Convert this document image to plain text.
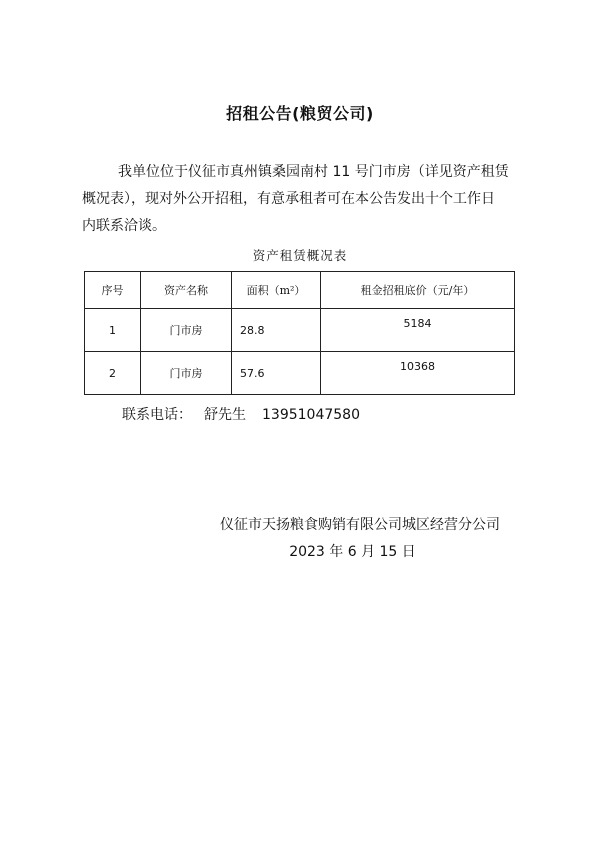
招租公告(粮贸公司)
我单位位于仪征市真州镇桑园南村 11 号门市房（详见资产租赁
概况表），现对外公开招租，有意承租者可在本公告发出十个工作日
内联系洽谈。
资产租赁概况表
序号	资产名称	面积（m²）	租金招租底价（元/年）
1	门市房	28.8	5184
2	门市房	57.6	10368
联系电话： 舒先生 13951047580
仪征市天扬粮食购销有限公司城区经营分公司
2023 年 6 月 15 日
